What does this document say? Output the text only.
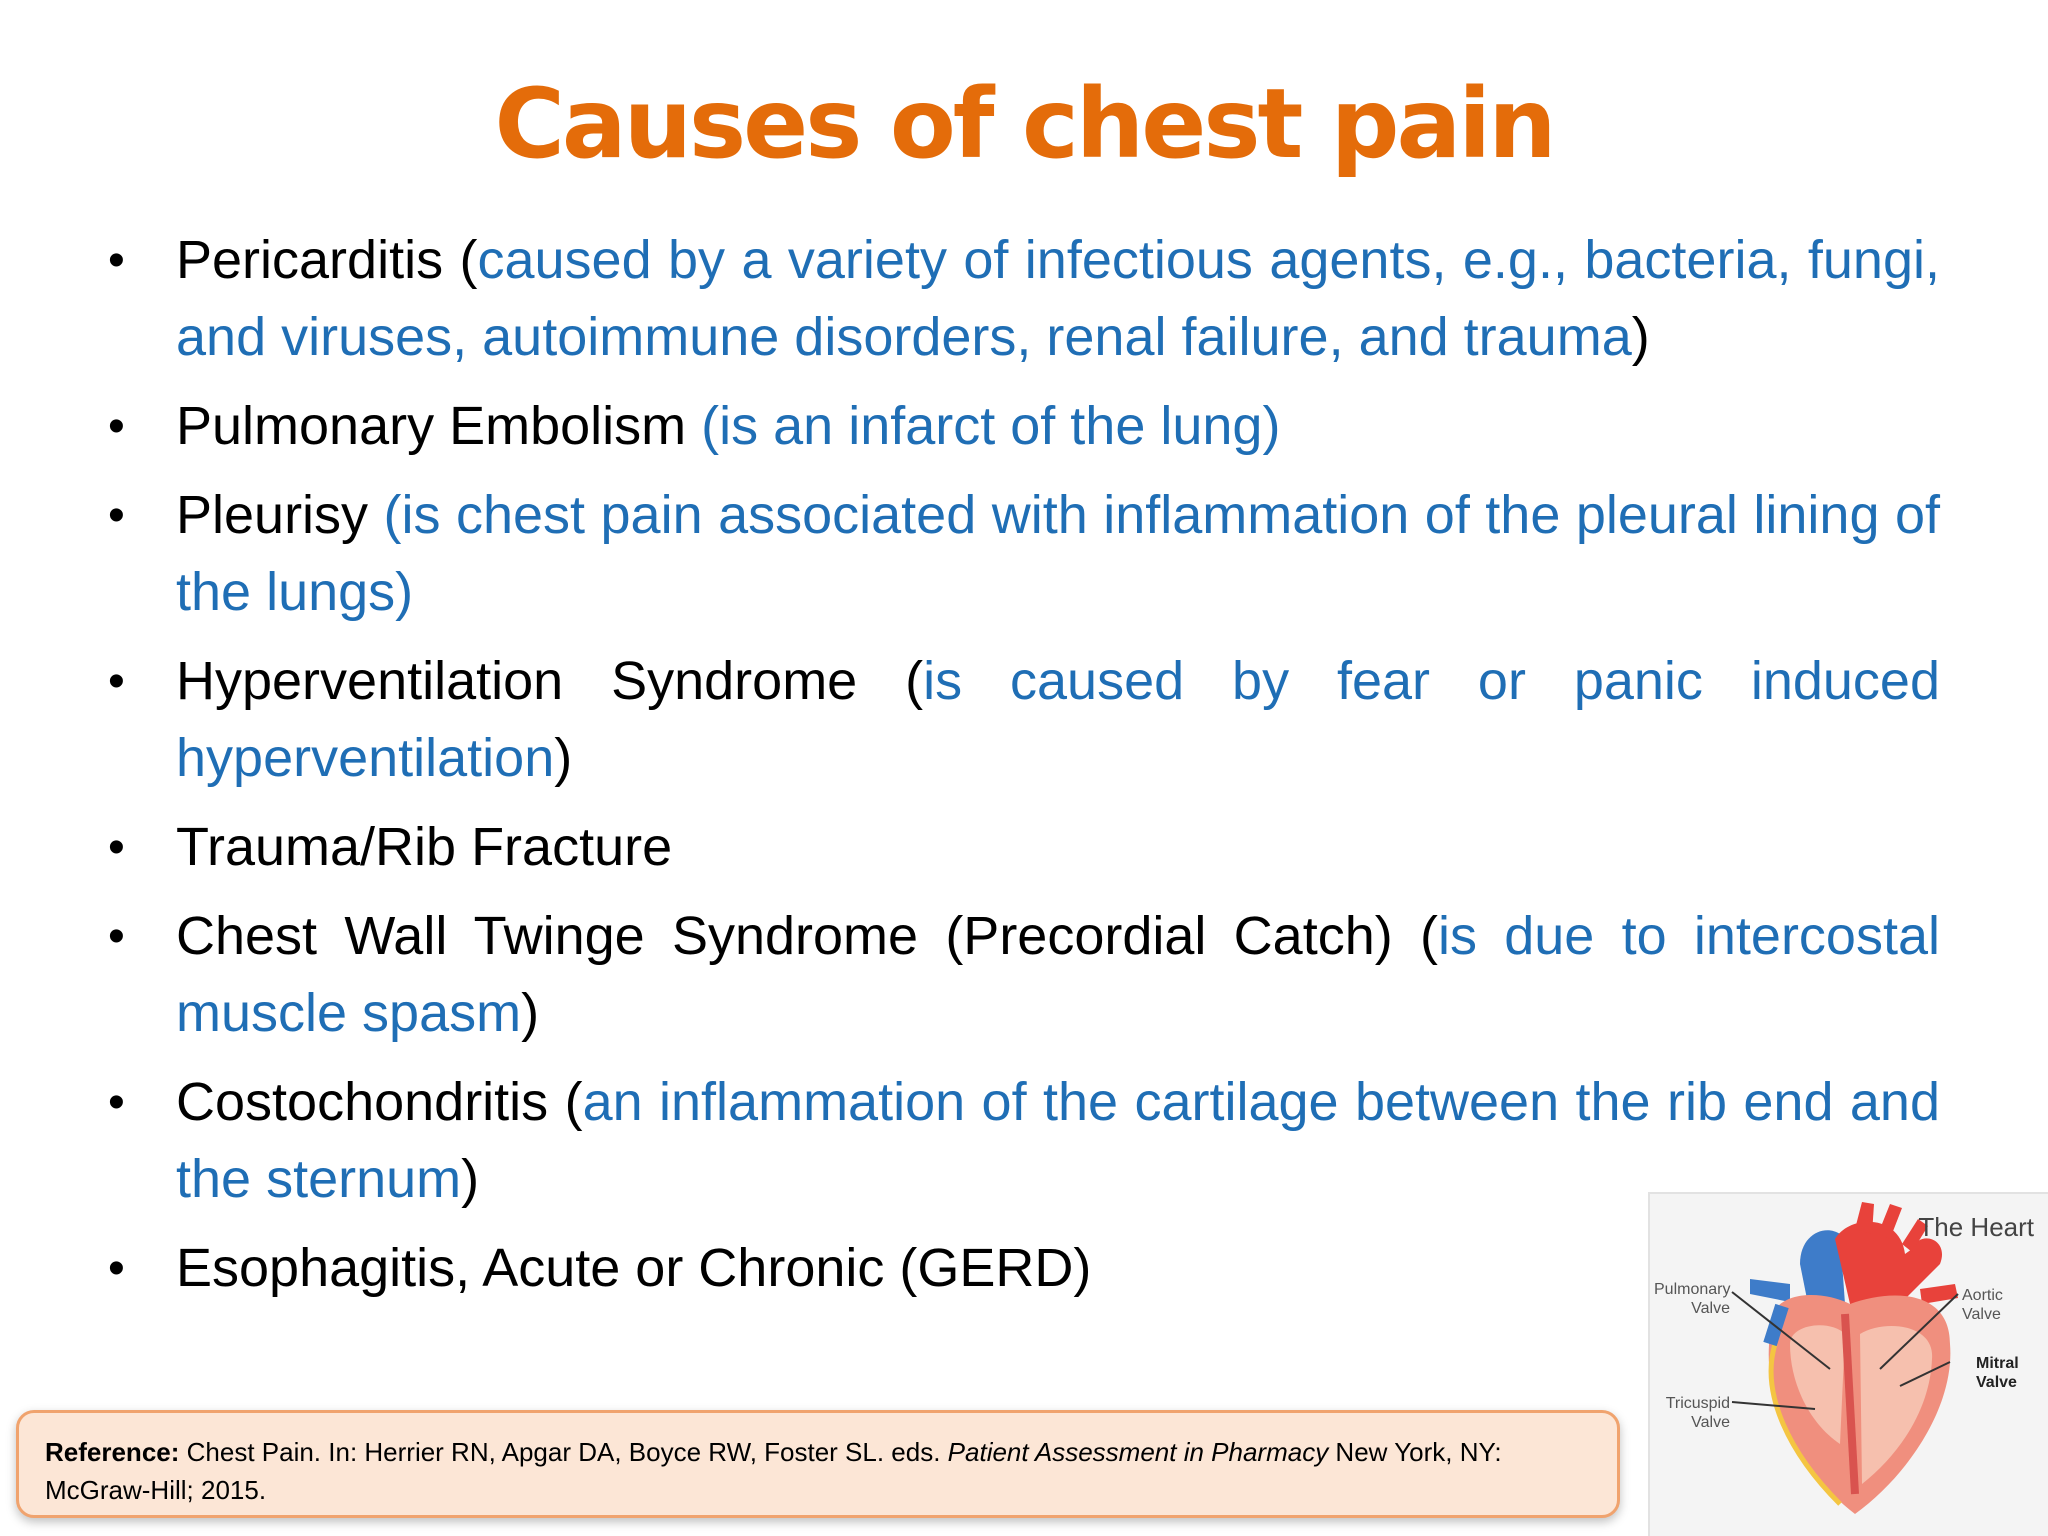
Causes of chest pain
• Pericarditis (caused by a variety of infectious agents, e.g., bacteria, fungi, and viruses, autoimmune disorders, renal failure, and trauma)
• Pulmonary Embolism (is an infarct of the lung)
• Pleurisy (is chest pain associated with inflammation of the pleural lining of the lungs)
• Hyperventilation Syndrome (is caused by fear or panic induced hyperventilation)
• Trauma/Rib Fracture
• Chest Wall Twinge Syndrome (Precordial Catch) (is due to intercostal muscle spasm)
• Costochondritis (an inflammation of the cartilage between the rib end and the sternum)
• Esophagitis, Acute or Chronic (GERD)
Reference: Chest Pain. In: Herrier RN, Apgar DA, Boyce RW, Foster SL. eds. Patient Assessment in Pharmacy New York, NY: McGraw-Hill; 2015.
The Heart
Pulmonary Valve
Aortic Valve
Mitral Valve
Tricuspid Valve
